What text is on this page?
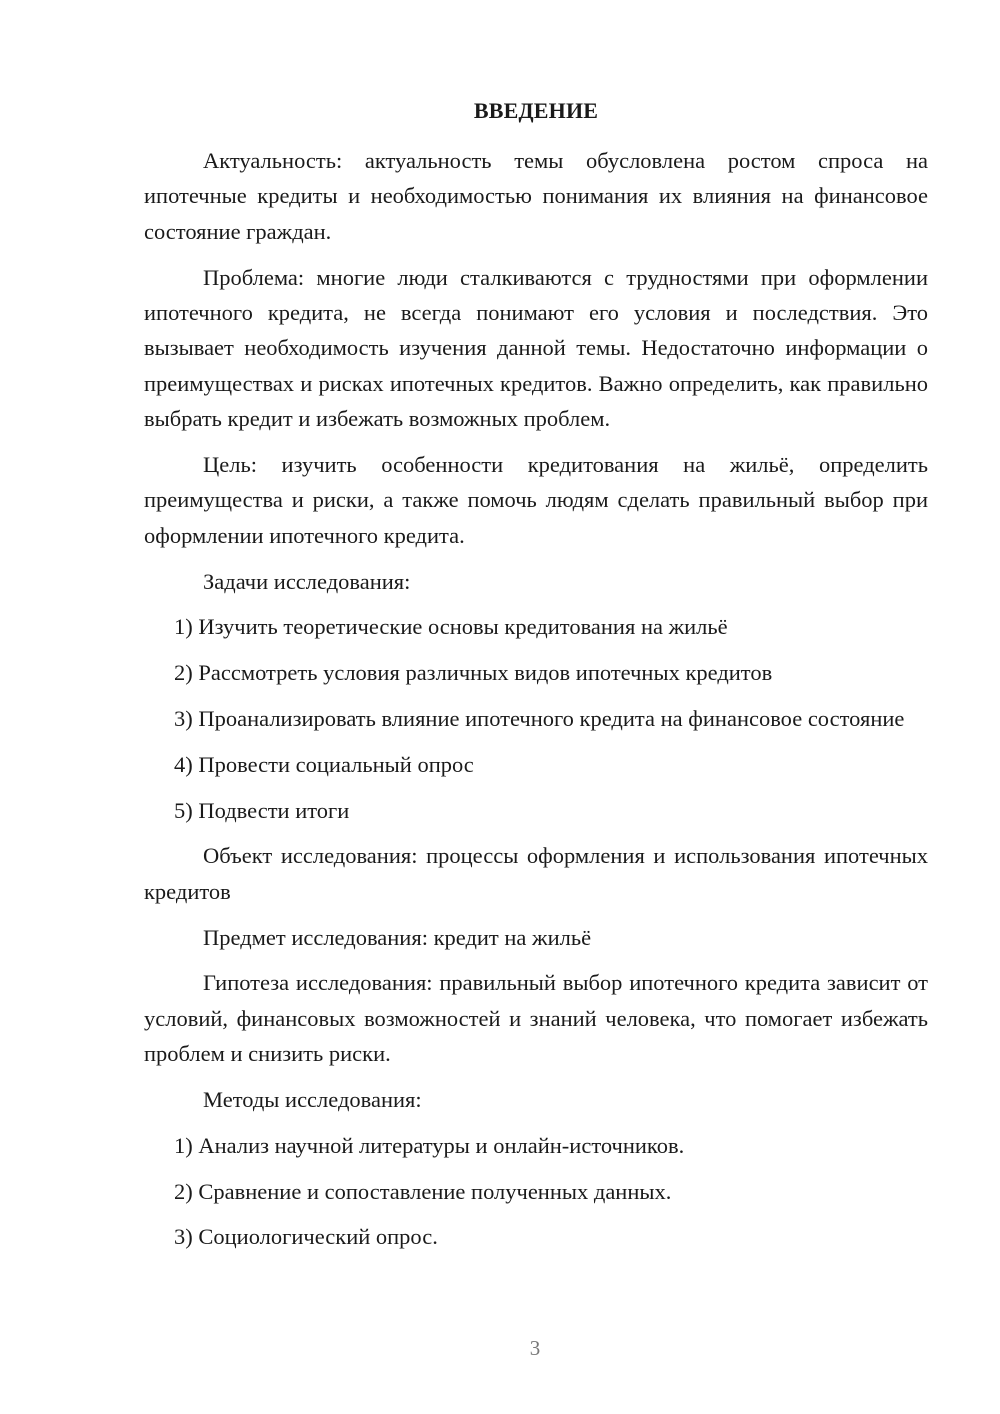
ВВЕДЕНИЕ

Актуальность: актуальность темы обусловлена ростом спроса на ипотечные кредиты и необходимостью понимания их влияния на финансовое состояние граждан.

Проблема: многие люди сталкиваются с трудностями при оформлении ипотечного кредита, не всегда понимают его условия и последствия. Это вызывает необходимость изучения данной темы. Недостаточно информации о преимуществах и рисках ипотечных кредитов. Важно определить, как правильно выбрать кредит и избежать возможных проблем.

Цель: изучить особенности кредитования на жильё, определить преимущества и риски, а также помочь людям сделать правильный выбор при оформлении ипотечного кредита.

Задачи исследования:

1) Изучить теоретические основы кредитования на жильё

2) Рассмотреть условия различных видов ипотечных кредитов

3) Проанализировать влияние ипотечного кредита на финансовое состояние

4) Провести социальный опрос

5) Подвести итоги

Объект исследования: процессы оформления и использования ипотечных кредитов

Предмет исследования: кредит на жильё

Гипотеза исследования: правильный выбор ипотечного кредита зависит от условий, финансовых возможностей и знаний человека, что помогает избежать проблем и снизить риски.

Методы исследования:

1) Анализ научной литературы и онлайн-источников.

2) Сравнение и сопоставление полученных данных.

3) Социологический опрос.

3
